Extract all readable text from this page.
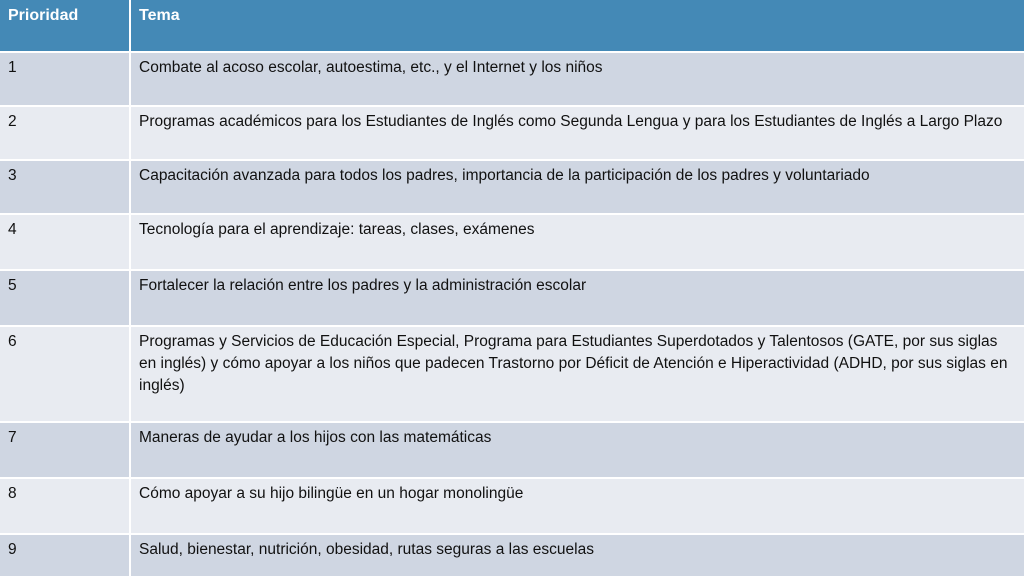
Prioridad	Tema
1	Combate al acoso escolar, autoestima, etc., y el Internet y los niños
2	Programas académicos para los Estudiantes de Inglés como Segunda Lengua y para los Estudiantes de Inglés a Largo Plazo
3	Capacitación avanzada para todos los padres, importancia de la participación de los padres y voluntariado
4	Tecnología para el aprendizaje: tareas, clases, exámenes
5	Fortalecer la relación entre los padres y la administración escolar
6	Programas y Servicios de Educación Especial, Programa para Estudiantes Superdotados y Talentosos (GATE, por sus siglas en inglés) y cómo apoyar a los niños que padecen Trastorno por Déficit de Atención e Hiperactividad (ADHD, por sus siglas en inglés)
7	Maneras de ayudar a los hijos con las matemáticas
8	Cómo apoyar a su hijo bilingüe en un hogar monolingüe
9	Salud, bienestar, nutrición, obesidad, rutas seguras a las escuelas
